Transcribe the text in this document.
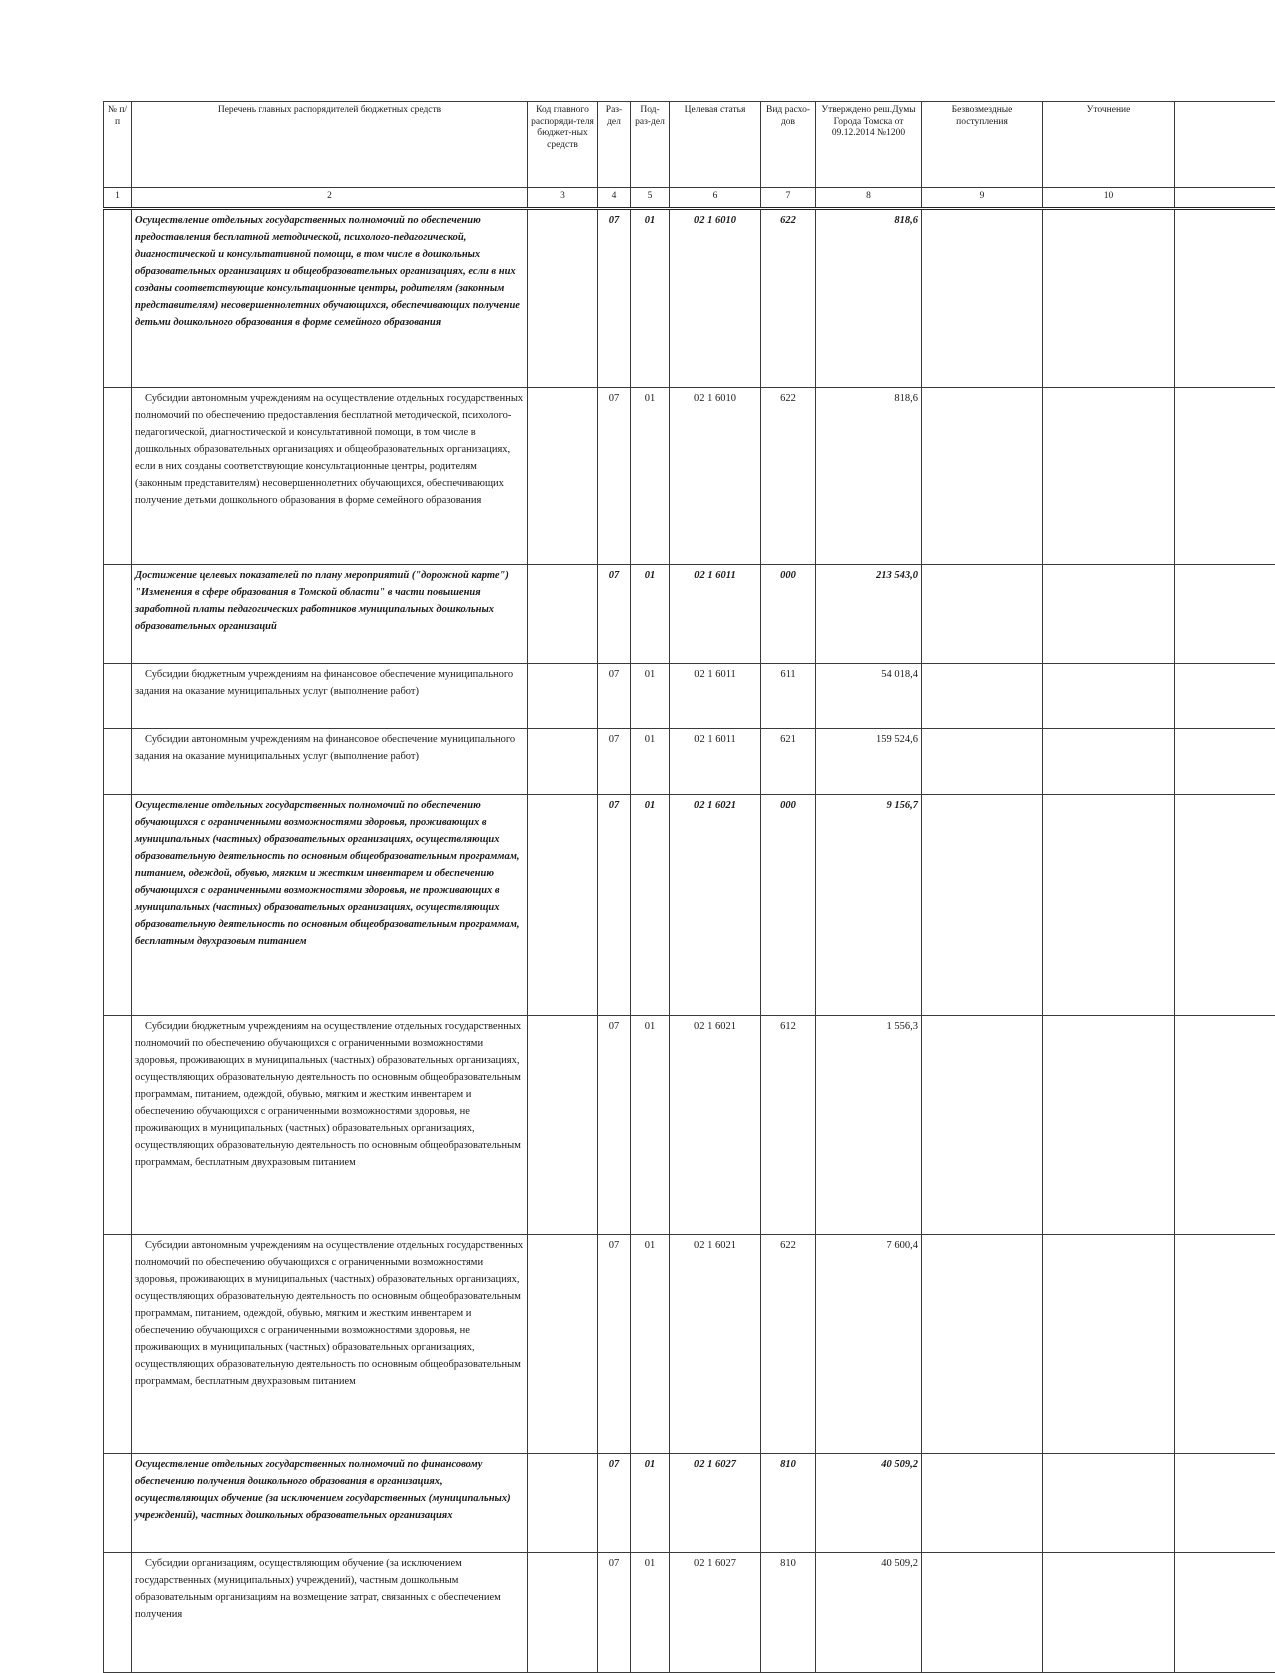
№ п/п	Перечень главных распорядителей бюджетных средств	Код главного распоряди-теля бюджет-ных средств	Раз-дел	Под-раз-дел	Целевая статья	Вид расхо-дов	Утверждено реш.Думы Города Томска от 09.12.2014 №1200	Безвозмездные поступления	Уточнение	
1	2	3	4	5	6	7	8	9	10	
	Осуществление отдельных государственных полномочий по обеспечению предоставления бесплатной методической, психолого-педагогической, диагностической и консультативной помощи, в том числе в дошкольных образовательных организациях и общеобразовательных организациях, если в них созданы соответствующие консультационные центры, родителям (законным представителям) несовершеннолетних обучающихся, обеспечивающих получение детьми дошкольного образования в форме семейного образования		07	01	02 1 6010	622	818,6			
	Субсидии автономным учреждениям на осуществление отдельных государственных полномочий по обеспечению предоставления бесплатной методической, психолого-педагогической, диагностической и консультативной помощи, в том числе в дошкольных образовательных организациях и общеобразовательных организациях, если в них созданы соответствующие консультационные центры, родителям (законным представителям) несовершеннолетних обучающихся, обеспечивающих получение детьми дошкольного образования в форме семейного образования		07	01	02 1 6010	622	818,6			
	Достижение целевых показателей по плану мероприятий ("дорожной карте") "Изменения в сфере образования в Томской области" в части повышения заработной платы педагогических работников муниципальных дошкольных образовательных организаций		07	01	02 1 6011	000	213 543,0			
	Субсидии бюджетным учреждениям на финансовое обеспечение муниципального задания на оказание муниципальных услуг (выполнение работ)		07	01	02 1 6011	611	54 018,4			
	Субсидии автономным учреждениям на финансовое обеспечение муниципального задания на оказание муниципальных услуг (выполнение работ)		07	01	02 1 6011	621	159 524,6			
	Осуществление отдельных государственных полномочий по обеспечению обучающихся с ограниченными возможностями здоровья, проживающих в муниципальных (частных) образовательных организациях, осуществляющих образовательную деятельность по основным общеобразовательным программам, питанием, одеждой, обувью, мягким и жестким инвентарем и обеспечению обучающихся с ограниченными возможностями здоровья, не проживающих в муниципальных (частных) образовательных организациях, осуществляющих образовательную деятельность по основным общеобразовательным программам, бесплатным двухразовым питанием		07	01	02 1 6021	000	9 156,7			
	Субсидии бюджетным учреждениям на осуществление отдельных государственных полномочий по обеспечению обучающихся с ограниченными возможностями здоровья, проживающих в муниципальных (частных) образовательных организациях, осуществляющих образовательную деятельность по основным общеобразовательным программам, питанием, одеждой, обувью, мягким и жестким инвентарем и обеспечению обучающихся с ограниченными возможностями здоровья, не проживающих в муниципальных (частных) образовательных организациях, осуществляющих образовательную деятельность по основным общеобразовательным программам, бесплатным двухразовым питанием		07	01	02 1 6021	612	1 556,3			
	Субсидии автономным учреждениям на осуществление отдельных государственных полномочий по обеспечению обучающихся с ограниченными возможностями здоровья, проживающих в муниципальных (частных) образовательных организациях, осуществляющих образовательную деятельность по основным общеобразовательным программам, питанием, одеждой, обувью, мягким и жестким инвентарем и обеспечению обучающихся с ограниченными возможностями здоровья, не проживающих в муниципальных (частных) образовательных организациях, осуществляющих образовательную деятельность по основным общеобразовательным программам, бесплатным двухразовым питанием		07	01	02 1 6021	622	7 600,4			
	Осуществление отдельных государственных полномочий по финансовому обеспечению получения дошкольного образования в организациях, осуществляющих обучение (за исключением государственных (муниципальных) учреждений), частных дошкольных образовательных организациях		07	01	02 1 6027	810	40 509,2			
	Субсидии организациям, осуществляющим обучение (за исключением государственных (муниципальных) учреждений), частным дошкольным образовательным организациям на возмещение затрат, связанных с обеспечением получения		07	01	02 1 6027	810	40 509,2			
